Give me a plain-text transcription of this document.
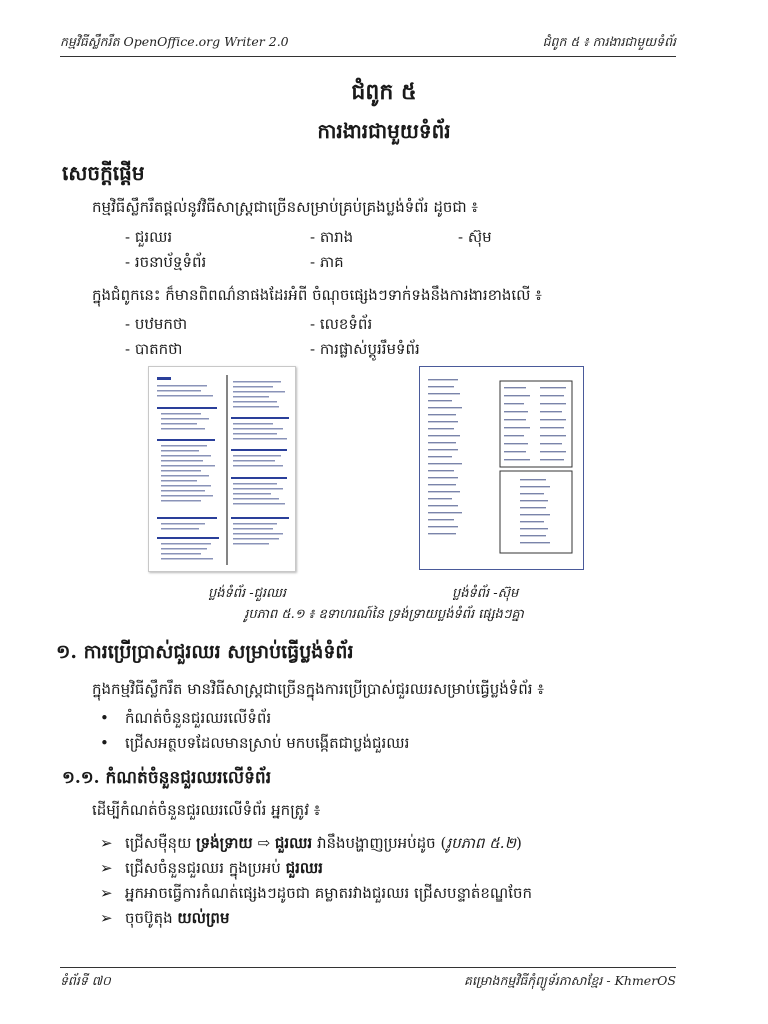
កម្មវិធីស្លឹករឹត OpenOffice.org Writer 2.0	ជំពូក ៥ ៖ ការងារជាមួយទំព័រ
ជំពូក ៥
ការងារជាមួយទំព័រ
សេចក្តីផ្តើម
កម្មវិធីស្លឹករឹតផ្តល់នូវវិធីសាស្ត្រជាច្រើនសម្រាប់គ្រប់គ្រងប្លង់ទំព័រ ដូចជា ៖
- ជួរឈរ	- តារាង	- ស៊ុម
- រចនាប័ទ្មទំព័រ	- ភាគ
ក្នុងជំពូកនេះ ក៏មានពិពណ៌នាផងដែរអំពី ចំណុចផ្សេងៗទាក់ទងនឹងការងារខាងលើ ៖
- បឋមកថា	- លេខទំព័រ
- បាតកថា	- ការផ្លាស់ប្តូររឹមទំព័រ
ប្លង់ទំព័រ -ជួរឈរ	ប្លង់ទំព័រ -ស៊ុម
រូបភាព ៥.១ ៖ ឧទាហរណ៍នៃ ទ្រង់ទ្រាយប្លង់ទំព័រ ផ្សេងៗគ្នា
១. ការប្រើប្រាស់ជួរឈរ សម្រាប់ធ្វើប្លង់ទំព័រ
ក្នុងកម្មវិធីស្លឹករឹត មានវិធីសាស្ត្រជាច្រើនក្នុងការប្រើប្រាស់ជួរឈរសម្រាប់ធ្វើប្លង់ទំព័រ ៖
• កំណត់ចំនួនជួរឈរលើទំព័រ
• ជ្រើសអត្ថបទដែលមានស្រាប់ មកបង្កើតជាប្លង់ជួរឈរ
១.១. កំណត់ចំនួនជួរឈរលើទំព័រ
ដើម្បីកំណត់ចំនួនជួរឈរលើទំព័រ អ្នកត្រូវ ៖
➢ ជ្រើសម៉ឺនុយ ទ្រង់ទ្រាយ ⇨ ជួរឈរ វានឹងបង្ហាញប្រអប់ដូច (រូបភាព ៥.២)
➢ ជ្រើសចំនួនជួរឈរ ក្នុងប្រអប់ ជួរឈរ
➢ អ្នកអាចធ្វើការកំណត់ផ្សេងៗដូចជា គម្លាតរវាងជួរឈរ ជ្រើសបន្ទាត់ខណ្ឌចែក
➢ ចុចប៊ូតុង យល់ព្រម
ទំព័រទី ៧០	គម្រោងកម្មវិធីកុំព្យូទ័រភាសាខ្មែរ - KhmerOS
